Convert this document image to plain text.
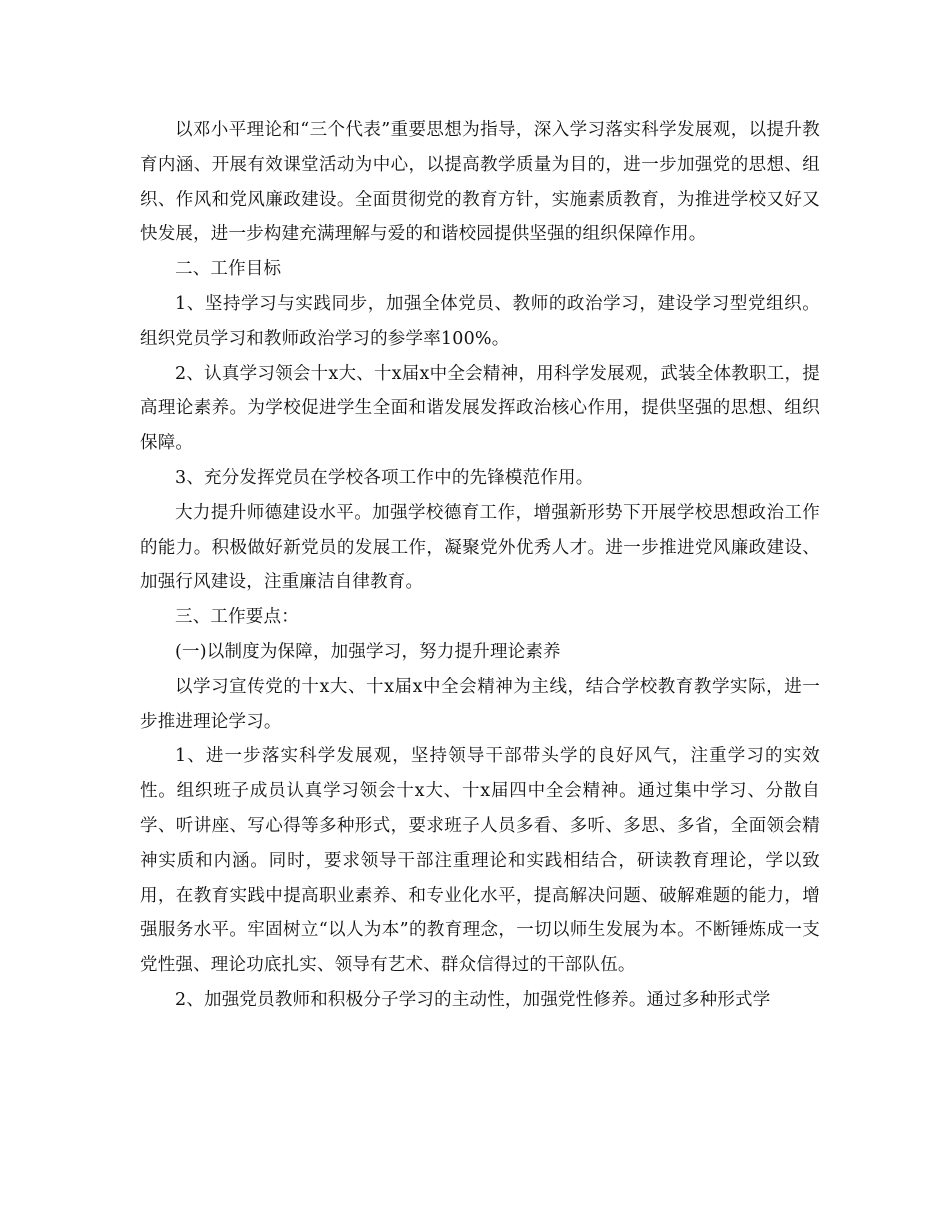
以邓小平理论和“三个代表”重要思想为指导，深入学习落实科学发展观，以提升教育内涵、开展有效课堂活动为中心，以提高教学质量为目的，进一步加强党的思想、组织、作风和党风廉政建设。全面贯彻党的教育方针，实施素质教育，为推进学校又好又快发展，进一步构建充满理解与爱的和谐校园提供坚强的组织保障作用。

二、工作目标

1、坚持学习与实践同步，加强全体党员、教师的政治学习，建设学习型党组织。组织党员学习和教师政治学习的参学率100%。

2、认真学习领会十x大、十x届x中全会精神，用科学发展观，武装全体教职工，提高理论素养。为学校促进学生全面和谐发展发挥政治核心作用，提供坚强的思想、组织保障。

3、充分发挥党员在学校各项工作中的先锋模范作用。

大力提升师德建设水平。加强学校德育工作，增强新形势下开展学校思想政治工作的能力。积极做好新党员的发展工作，凝聚党外优秀人才。进一步推进党风廉政建设、加强行风建设，注重廉洁自律教育。

三、工作要点：

(一)以制度为保障，加强学习，努力提升理论素养

以学习宣传党的十x大、十x届x中全会精神为主线，结合学校教育教学实际，进一步推进理论学习。

1、进一步落实科学发展观，坚持领导干部带头学的良好风气，注重学习的实效性。组织班子成员认真学习领会十x大、十x届四中全会精神。通过集中学习、分散自学、听讲座、写心得等多种形式，要求班子人员多看、多听、多思、多省，全面领会精神实质和内涵。同时，要求领导干部注重理论和实践相结合，研读教育理论，学以致用，在教育实践中提高职业素养、和专业化水平，提高解决问题、破解难题的能力，增强服务水平。牢固树立“以人为本”的教育理念，一切以师生发展为本。不断锤炼成一支党性强、理论功底扎实、领导有艺术、群众信得过的干部队伍。

2、加强党员教师和积极分子学习的主动性，加强党性修养。通过多种形式学
